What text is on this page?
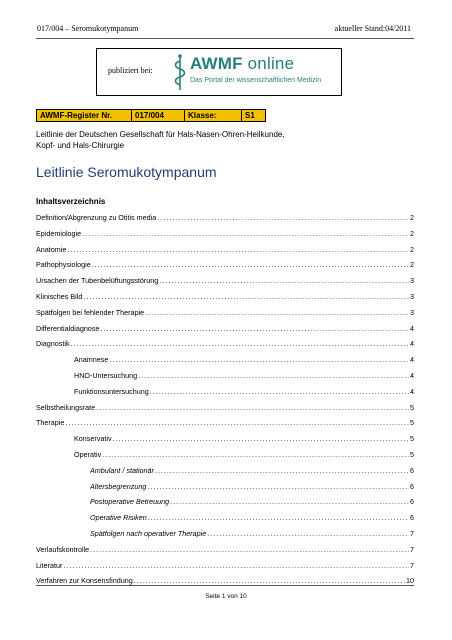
017/004 – Seromukotympanum	aktueller Stand:04/2011
publiziert bei: AWMF online
Das Portal der wissenschaftlichen Medizin
AWMF-Register Nr.	017/004	Klasse:	S1
Leitlinie der Deutschen Gesellschaft für Hals-Nasen-Ohren-Heilkunde,
Kopf- und Hals-Chirurgie
Leitlinie Seromukotympanum
Inhaltsverzeichnis
Definition/Abgrenzung zu Otitis media .....	2
Epidemiologie .....	2
Anatomie .....	2
Pathophysiologie .....	2
Ursachen der Tubenbelüftungsstörung .....	3
Klinisches Bild .....	3
Spätfolgen bei fehlender Therapie .....	3
Differentialdiagnose .....	4
Diagnostik .....	4
Anamnese .....	4
HNO-Untersuchung .....	4
Funktionsuntersuchung .....	4
Selbstheilungsrate .....	5
Therapie .....	5
Konservativ .....	5
Operativ .....	5
Ambulant / stationär .....	6
Altersbegrenzung .....	6
Postoperative Betreuung .....	6
Operative Risiken .....	6
Spätfolgen nach operativer Therapie .....	7
Verlaufskontrolle .....	7
Literatur .....	7
Verfahren zur Konsensfindung .....	10
Seite 1 von 10
